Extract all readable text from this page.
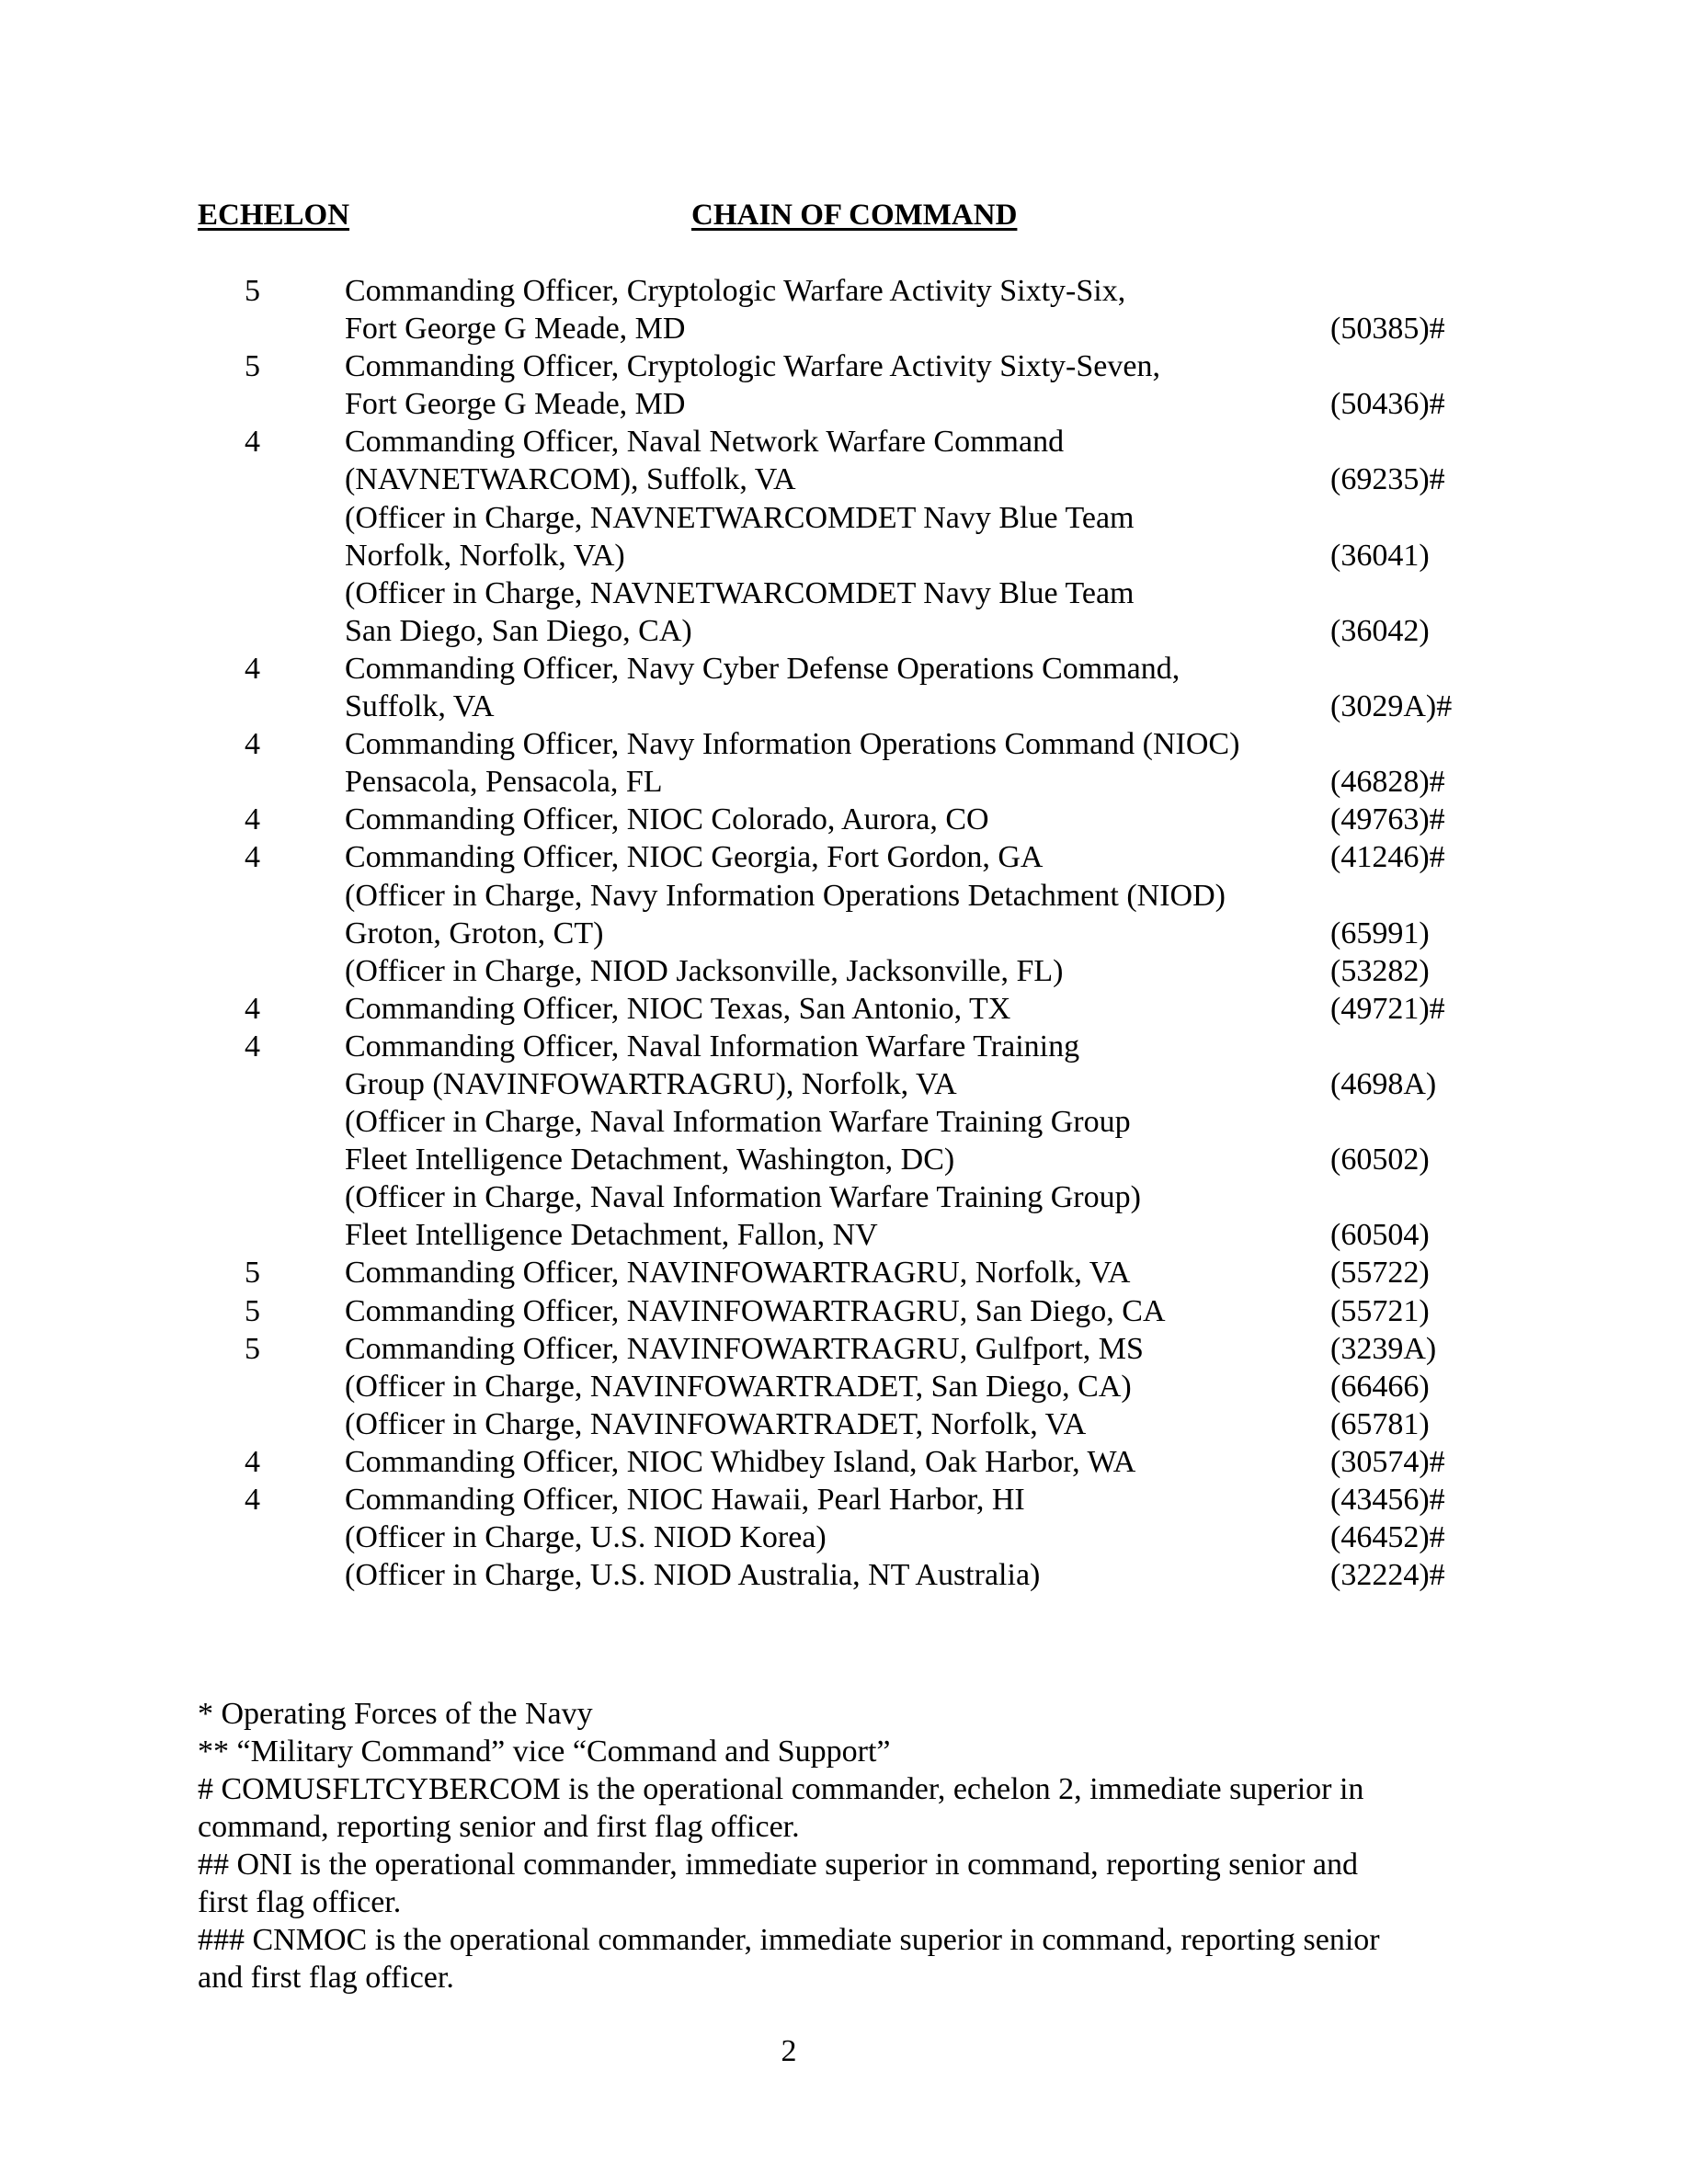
ECHELON	CHAIN OF COMMAND
5	Commanding Officer, Cryptologic Warfare Activity Sixty-Six,
Fort George G Meade, MD	(50385)#
5	Commanding Officer, Cryptologic Warfare Activity Sixty-Seven,
Fort George G Meade, MD	(50436)#
4	Commanding Officer, Naval Network Warfare Command
(NAVNETWARCOM), Suffolk, VA	(69235)#
(Officer in Charge, NAVNETWARCOMDET Navy Blue Team
Norfolk, Norfolk, VA)	(36041)
(Officer in Charge, NAVNETWARCOMDET Navy Blue Team
San Diego, San Diego, CA)	(36042)
4	Commanding Officer, Navy Cyber Defense Operations Command,
Suffolk, VA	(3029A)#
4	Commanding Officer, Navy Information Operations Command (NIOC)
Pensacola, Pensacola, FL	(46828)#
4	Commanding Officer, NIOC Colorado, Aurora, CO	(49763)#
4	Commanding Officer, NIOC Georgia, Fort Gordon, GA	(41246)#
(Officer in Charge, Navy Information Operations Detachment (NIOD)
Groton, Groton, CT)	(65991)
(Officer in Charge, NIOD Jacksonville, Jacksonville, FL)	(53282)
4	Commanding Officer, NIOC Texas, San Antonio, TX	(49721)#
4	Commanding Officer, Naval Information Warfare Training
Group (NAVINFOWARTRAGRU), Norfolk, VA	(4698A)
(Officer in Charge, Naval Information Warfare Training Group
Fleet Intelligence Detachment, Washington, DC)	(60502)
(Officer in Charge, Naval Information Warfare Training Group)
Fleet Intelligence Detachment, Fallon, NV	(60504)
5	Commanding Officer, NAVINFOWARTRAGRU, Norfolk, VA	(55722)
5	Commanding Officer, NAVINFOWARTRAGRU, San Diego, CA	(55721)
5	Commanding Officer, NAVINFOWARTRAGRU, Gulfport, MS	(3239A)
(Officer in Charge, NAVINFOWARTRADET, San Diego, CA)	(66466)
(Officer in Charge, NAVINFOWARTRADET, Norfolk, VA	(65781)
4	Commanding Officer, NIOC Whidbey Island, Oak Harbor, WA	(30574)#
4	Commanding Officer, NIOC Hawaii, Pearl Harbor, HI	(43456)#
(Officer in Charge, U.S. NIOD Korea)	(46452)#
(Officer in Charge, U.S. NIOD Australia, NT Australia)	(32224)#
* Operating Forces of the Navy
** “Military Command” vice “Command and Support”
# COMUSFLTCYBERCOM is the operational commander, echelon 2, immediate superior in
command, reporting senior and first flag officer.
## ONI is the operational commander, immediate superior in command, reporting senior and
first flag officer.
### CNMOC is the operational commander, immediate superior in command, reporting senior
and first flag officer.
2
